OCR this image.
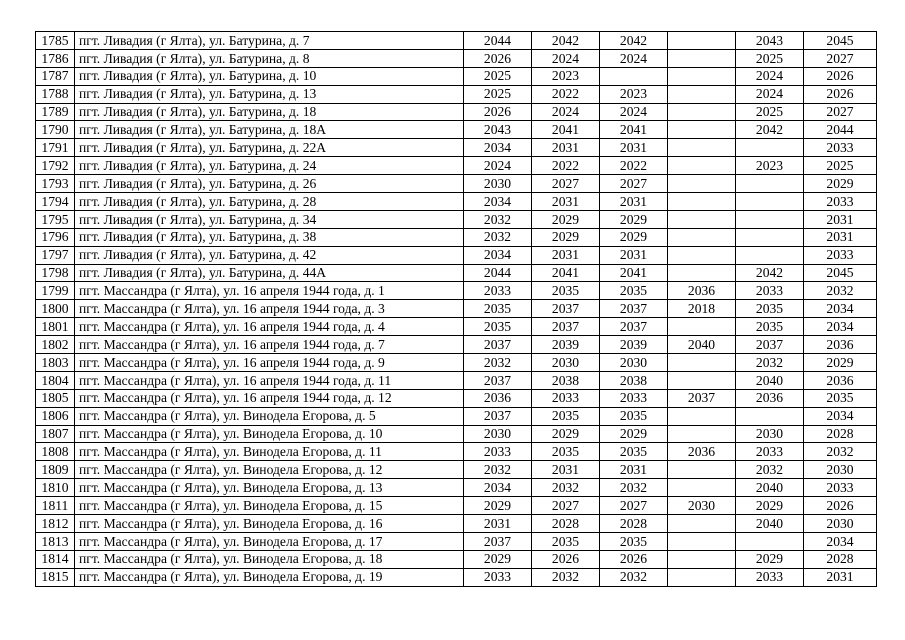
1785	пгт. Ливадия (г Ялта), ул. Батурина, д. 7	2044	2042	2042		2043	2045
1786	пгт. Ливадия (г Ялта), ул. Батурина, д. 8	2026	2024	2024		2025	2027
1787	пгт. Ливадия (г Ялта), ул. Батурина, д. 10	2025	2023			2024	2026
1788	пгт. Ливадия (г Ялта), ул. Батурина, д. 13	2025	2022	2023		2024	2026
1789	пгт. Ливадия (г Ялта), ул. Батурина, д. 18	2026	2024	2024		2025	2027
1790	пгт. Ливадия (г Ялта), ул. Батурина, д. 18А	2043	2041	2041		2042	2044
1791	пгт. Ливадия (г Ялта), ул. Батурина, д. 22А	2034	2031	2031			2033
1792	пгт. Ливадия (г Ялта), ул. Батурина, д. 24	2024	2022	2022		2023	2025
1793	пгт. Ливадия (г Ялта), ул. Батурина, д. 26	2030	2027	2027			2029
1794	пгт. Ливадия (г Ялта), ул. Батурина, д. 28	2034	2031	2031			2033
1795	пгт. Ливадия (г Ялта), ул. Батурина, д. 34	2032	2029	2029			2031
1796	пгт. Ливадия (г Ялта), ул. Батурина, д. 38	2032	2029	2029			2031
1797	пгт. Ливадия (г Ялта), ул. Батурина, д. 42	2034	2031	2031			2033
1798	пгт. Ливадия (г Ялта), ул. Батурина, д. 44А	2044	2041	2041		2042	2045
1799	пгт. Массандра (г Ялта), ул. 16 апреля 1944 года, д. 1	2033	2035	2035	2036	2033	2032
1800	пгт. Массандра (г Ялта), ул. 16 апреля 1944 года, д. 3	2035	2037	2037	2018	2035	2034
1801	пгт. Массандра (г Ялта), ул. 16 апреля 1944 года, д. 4	2035	2037	2037		2035	2034
1802	пгт. Массандра (г Ялта), ул. 16 апреля 1944 года, д. 7	2037	2039	2039	2040	2037	2036
1803	пгт. Массандра (г Ялта), ул. 16 апреля 1944 года, д. 9	2032	2030	2030		2032	2029
1804	пгт. Массандра (г Ялта), ул. 16 апреля 1944 года, д. 11	2037	2038	2038		2040	2036
1805	пгт. Массандра (г Ялта), ул. 16 апреля 1944 года, д. 12	2036	2033	2033	2037	2036	2035
1806	пгт. Массандра (г Ялта), ул. Винодела Егорова, д. 5	2037	2035	2035			2034
1807	пгт. Массандра (г Ялта), ул. Винодела Егорова, д. 10	2030	2029	2029		2030	2028
1808	пгт. Массандра (г Ялта), ул. Винодела Егорова, д. 11	2033	2035	2035	2036	2033	2032
1809	пгт. Массандра (г Ялта), ул. Винодела Егорова, д. 12	2032	2031	2031		2032	2030
1810	пгт. Массандра (г Ялта), ул. Винодела Егорова, д. 13	2034	2032	2032		2040	2033
1811	пгт. Массандра (г Ялта), ул. Винодела Егорова, д. 15	2029	2027	2027	2030	2029	2026
1812	пгт. Массандра (г Ялта), ул. Винодела Егорова, д. 16	2031	2028	2028		2040	2030
1813	пгт. Массандра (г Ялта), ул. Винодела Егорова, д. 17	2037	2035	2035			2034
1814	пгт. Массандра (г Ялта), ул. Винодела Егорова, д. 18	2029	2026	2026		2029	2028
1815	пгт. Массандра (г Ялта), ул. Винодела Егорова, д. 19	2033	2032	2032		2033	2031
